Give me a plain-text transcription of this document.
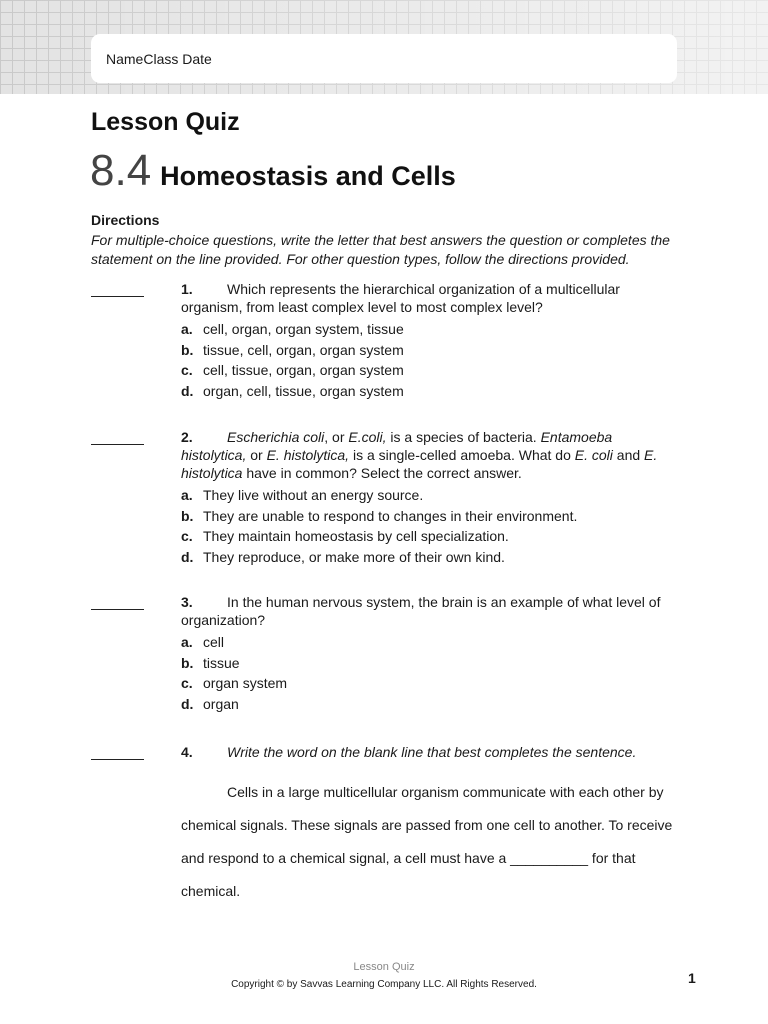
NameClass Date
Lesson Quiz
8.4 Homeostasis and Cells
Directions
For multiple-choice questions, write the letter that best answers the question or completes the statement on the line provided. For other question types, follow the directions provided.
1. Which represents the hierarchical organization of a multicellular organism, from least complex level to most complex level?
a. cell, organ, organ system, tissue
b. tissue, cell, organ, organ system
c. cell, tissue, organ, organ system
d. organ, cell, tissue, organ system
2. Escherichia coli, or E.coli, is a species of bacteria. Entamoeba histolytica, or E. histolytica, is a single-celled amoeba. What do E. coli and E. histolytica have in common? Select the correct answer.
a. They live without an energy source.
b. They are unable to respond to changes in their environment.
c. They maintain homeostasis by cell specialization.
d. They reproduce, or make more of their own kind.
3. In the human nervous system, the brain is an example of what level of organization?
a. cell
b. tissue
c. organ system
d. organ
4. Write the word on the blank line that best completes the sentence.
Cells in a large multicellular organism communicate with each other by chemical signals. These signals are passed from one cell to another. To receive and respond to a chemical signal, a cell must have a __________ for that chemical.
Lesson Quiz
Copyright © by Savvas Learning Company LLC. All Rights Reserved.	1
